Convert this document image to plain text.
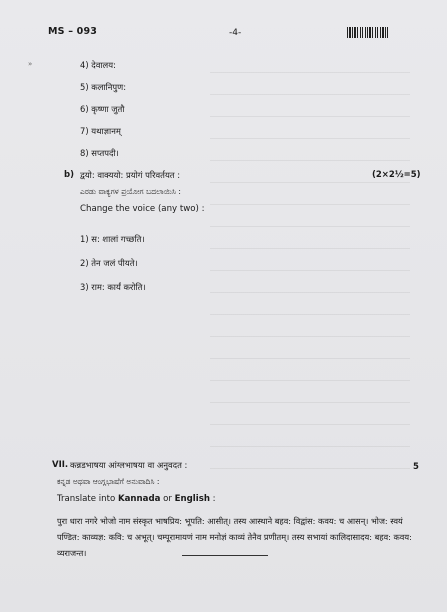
MS – 093	-4-
»	4) देवालय:
5) कलानिपुण:
6) कृष्णा जुतौ
7) यथाज्ञानम्
8) सप्तपदी।
b) द्वयो: वाक्ययो: प्रयोगं परिवर्तयत :	(2×2½=5)
ಎರಡು ವಾಕ್ಯಗಳ ಪ್ರಯೋಗ ಬದಲಾಯಿಸಿ :
Change the voice (any two) :
1) स: शालां गच्छति।
2) तेन जलं पीयते।
3) राम: कार्यं करोति।
VII. कन्नडभाषया आंग्लभाषया वा अनुवदत :	5
ಕನ್ನಡ ಅಥವಾ ಆಂಗ್ಲಭಾಷೆಗೆ ಅನುವಾದಿಸಿ :
Translate into Kannada or English :
पुरा धारा नगरे भोजो नाम संस्कृत भाषप्रिय: भूपति: आसीत्। तस्य आस्थाने बहव: विद्वांस: कवय: च आसन्। भोज: स्वयं पण्डित: काव्यज्ञ: कवि: च अभूत्। चम्पूरामायणं नाम मनोज्ञं काव्यं तेनैव प्रणीतम्। तस्य सभायां कालिदासादय: बहव: कवय: व्यराजन्त।
